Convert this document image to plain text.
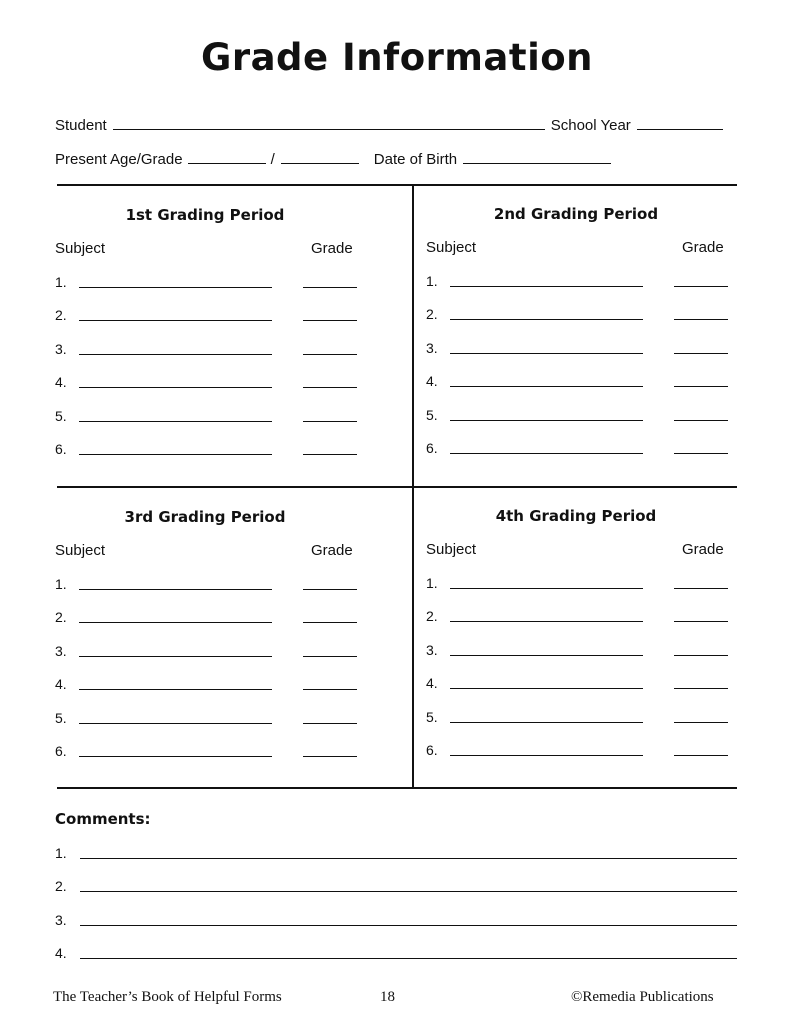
Grade Information
Student	School Year
Present Age/Grade	/	Date of Birth
1st Grading Period
Subject	Grade
1.
2.
3.
4.
5.
6.
2nd Grading Period
Subject	Grade
1.
2.
3.
4.
5.
6.
3rd Grading Period
Subject	Grade
1.
2.
3.
4.
5.
6.
4th Grading Period
Subject	Grade
1.
2.
3.
4.
5.
6.
Comments:
1.
2.
3.
4.
The Teacher’s Book of Helpful Forms	18	©Remedia Publications
